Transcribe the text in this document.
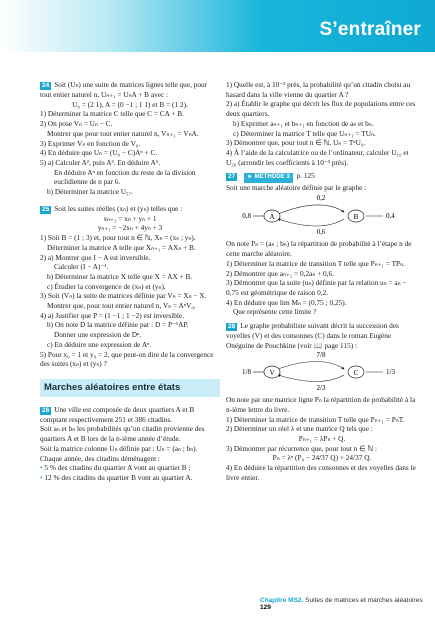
S’entraîner

24 Soit (Uₙ) une suite de matrices lignes telle que, pour tout entier naturel n, Uₙ₊₁ = UₙA + B avec :

U₀ = (2 1), A = (0 −1 ; 1 1) et B = (1 2).

1) Déterminer la matrice C telle que C = CA + B.

2) On pose Vₙ = Uₙ − C.

Montrer que pour tout entier naturel n, Vₙ₊₁ = VₙA.

3) Exprimer Vₙ en fonction de V₀.

4) En déduire que Uₙ = (U₀ − C)Aⁿ + C.

5) a) Calculer A², puis A³. En déduire A⁶.

En déduire Aⁿ en fonction du reste de la division euclidienne de n par 6.

b) Déterminer la matrice U₅₇.

25 Soit les suites réelles (xₙ) et (yₙ) telles que :

xₙ₊₁ = xₙ + yₙ + 1

yₙ₊₁ = −2xₙ + 4yₙ + 3

1) Soit B = (1 ; 3) et, pour tout n ∈ ℕ, Xₙ = (xₙ ; yₙ).

Déterminer la matrice A telle que Xₙ₊₁ = AXₙ + B.

2) a) Montrer que I − A est inversible.

Calculer (I − A)⁻¹.

b) Déterminer la matrice X telle que X = AX + B.

c) Étudier la convergence de (xₙ) et (yₙ).

3) Soit (Vₙ) la suite de matrices définie par Vₙ = Xₙ − X.

Montrer que, pour tout entier naturel n, Vₙ = AⁿV₀.

4) a) Justifier que P = (1 −1 ; 1 −2) est inversible.

b) On note D la matrice définie par : D = P⁻¹AP.

Donner une expression de Dⁿ.

c) En déduire une expression de Aⁿ.

5) Pour x₀ = 1 et y₀ = 2, que peut-on dire de la convergence des suites (xₙ) et (yₙ) ?

Marches aléatoires entre états

26 Une ville est composée de deux quartiers A et B comptant respectivement 251 et 386 citadins.

Soit aₙ et bₙ les probabilités qu’un citadin provienne des quartiers A et B lors de la n-ième année d’étude.

Soit la matrice colonne Uₙ définie par : Uₙ = (aₙ ; bₙ).

Chaque année, des citadins déménagent :

• 5 % des citadins du quartier A vont au quartier B ;

• 12 % des citadins du quartier B vont au quartier A.

1) Quelle est, à 10⁻³ près, la probabilité qu’un citadin choisi au hasard dans la ville vienne du quartier A ?

2) a) Établir le graphe qui décrit les flux de populations entre ces deux quartiers.

b) Exprimer aₙ₊₁ et bₙ₊₁ en fonction de aₙ et bₙ.

c) Déterminer la matrice T telle que Uₙ₊₁ = TUₙ.

3) Démontrer que, pour tout n ∈ ℕ, Uₙ = TⁿU₀.

4) À l’aide de la calculatrice ou de l’ordinateur, calculer U₁₀ et U₂₀ (arrondir les coefficients à 10⁻³ près).

27 ► MÉTHODE 3 p. 125

Soit une marche aléatoire définie par le graphe :

0,2
0,6
0,8	0,4
A	B

On note Pₙ = (aₙ ; bₙ) la répartition de probabilité à l’étape n de cette marche aléatoire.

1) Déterminer la matrice de transition T telle que Pₙ₊₁ = TPₙ.

2) Démontrer que aₙ₊₁ = 0,2aₙ + 0,6.

3) Démontrer que la suite (uₙ) définie par la relation uₙ = aₙ − 0,75 est géométrique de raison 0,2.

4) En déduire que lim Mₙ = (0,75 ; 0,25).

Que représente cette limite ?

28 Le graphe probabiliste suivant décrit la succession des voyelles (V) et des consonnes (C) dans le roman Eugène Onéguine de Pouchkine (voir 📖 page 115) :

7/8
2/3
1/8	1/3
V	C

On note par une matrice ligne Pₙ la répartition de probabilité à la n-ième lettre du livre.

1) Déterminer la matrice de transition T telle que Pₙ₊₁ = PₙT.

2) Déterminer un réel λ et une matrice Q tels que :

Pₙ₊₁ = λPₙ + Q.

3) Démontrer par récurrence que, pour tout n ∈ ℕ :

Pₙ = λⁿ (P₀ − 24/37 Q) + 24/37 Q.

4) En déduire la répartition des consonnes et des voyelles dans le livre entier.

Chapitre MS2. Suites de matrices et marches aléatoires 129
